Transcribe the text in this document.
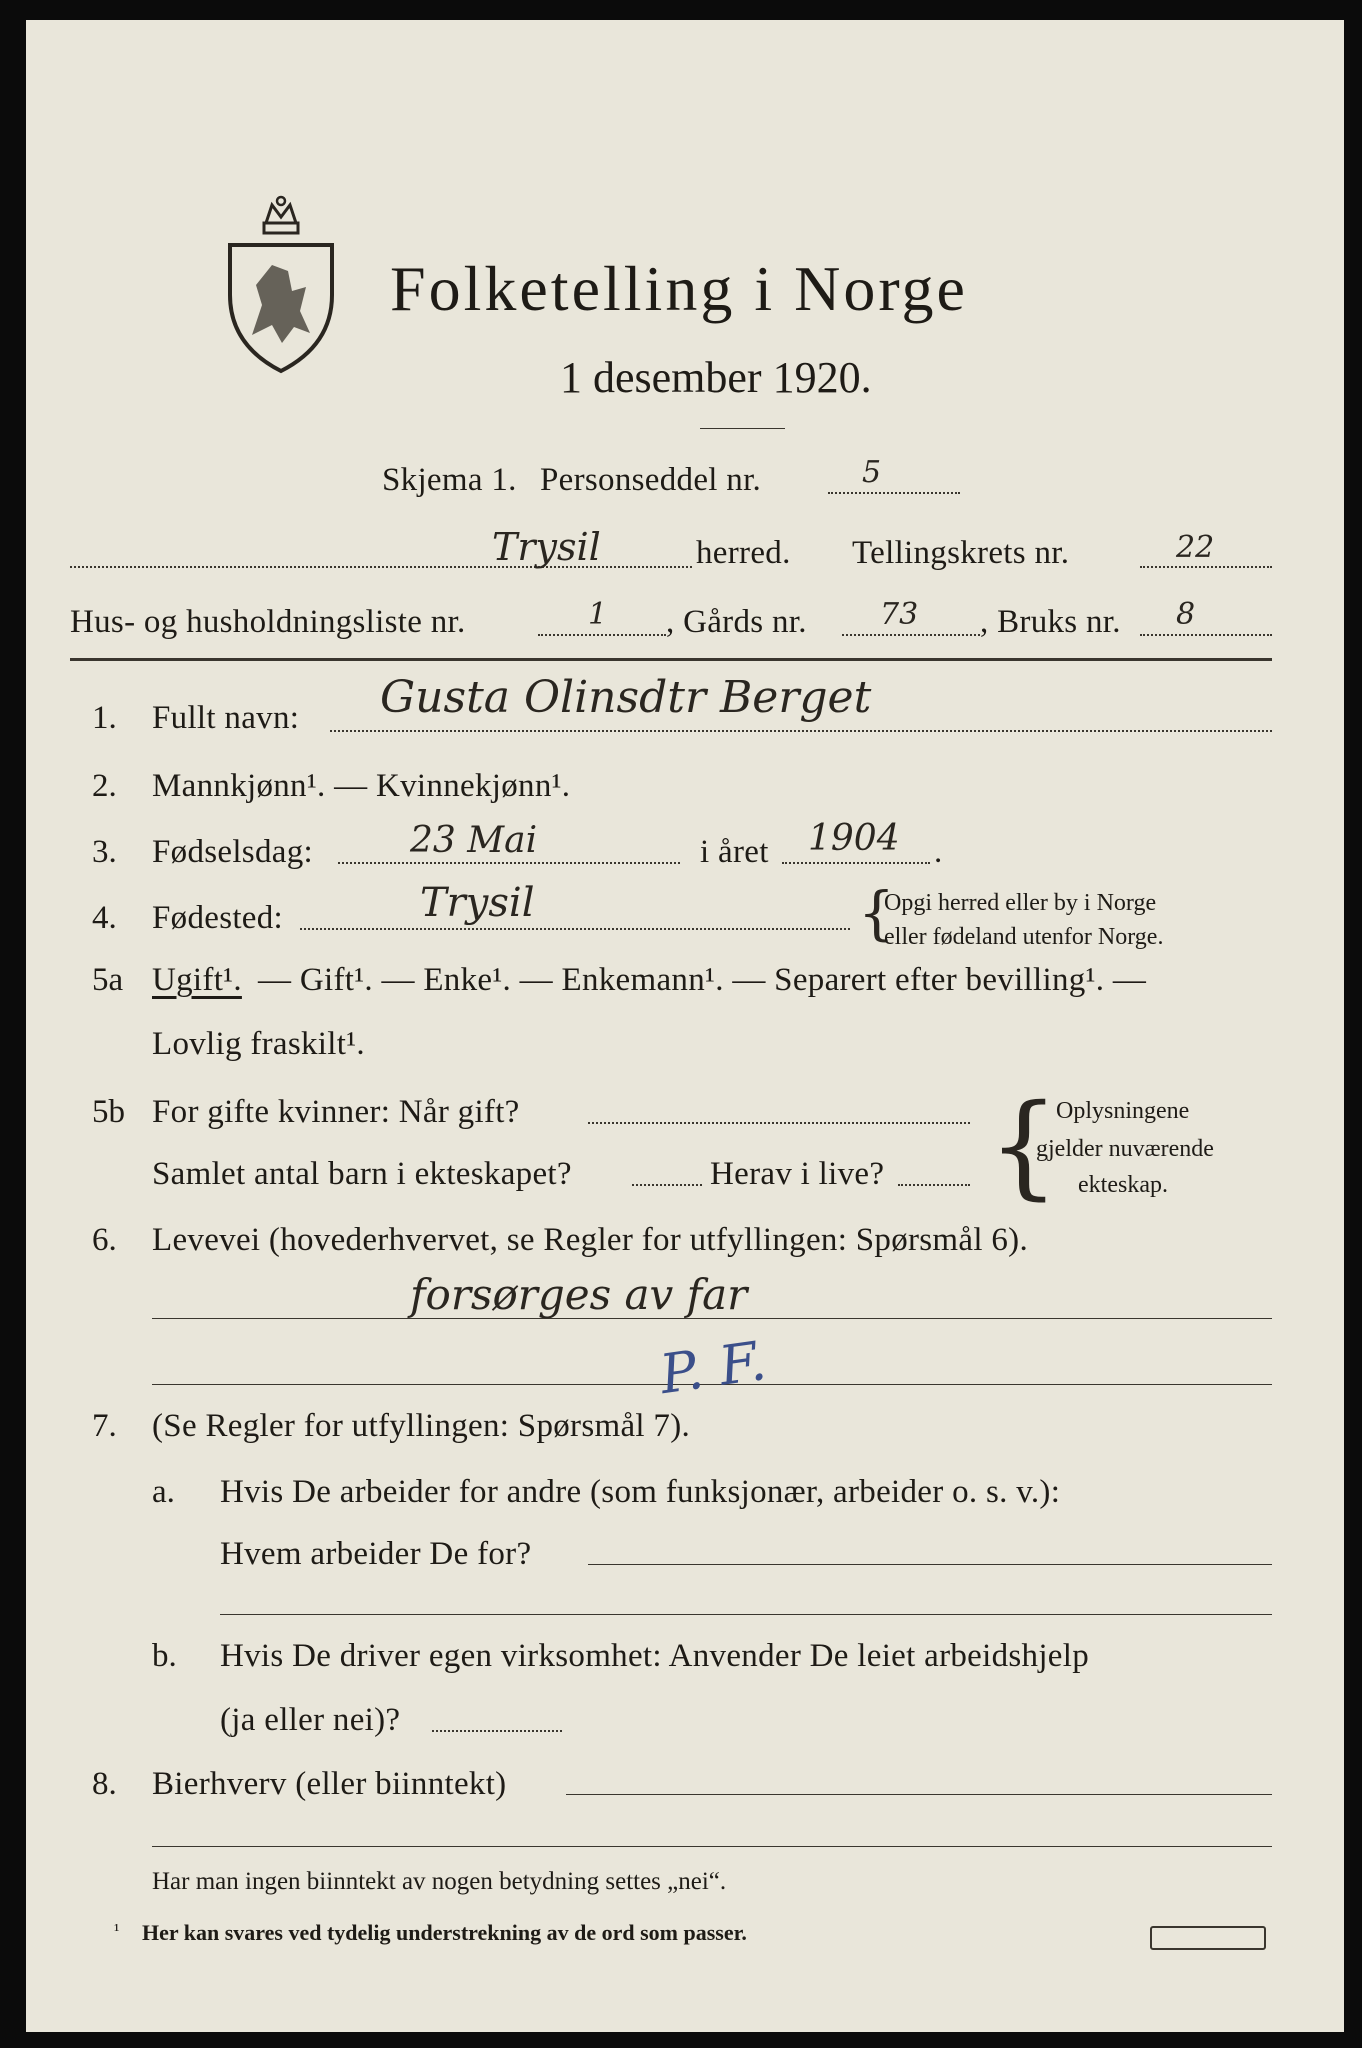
Folketelling i Norge
1 desember 1920.
Skjema 1. Personseddel nr.	5
Trysil	herred. Tellingskrets nr.	22
Hus- og husholdningsliste nr.	1 , Gårds nr. 73 , Bruks nr. 8
1. Fullt navn: Gusta Olinsdtr Berget
2. Mannkjønn¹. — Kvinnekjønn¹.
3. Fødselsdag:	23 Mai	i året 1904 .
4. Fødested:	Trysil	{
Opgi herred eller by i Norge
eller fødeland utenfor Norge.
5a Ugift¹. — Gift¹. — Enke¹. — Enkemann¹. — Separert efter bevilling¹. —
Lovlig fraskilt¹.
5b For gifte kvinner: Når gift?
Samlet antal barn i ekteskapet?	Herav i live? {
Oplysningene
gjelder nuværende
ekteskap.
6. Levevei (hovederhvervet, se Regler for utfyllingen: Spørsmål 6).
forsørges av far
P. F.
7. (Se Regler for utfyllingen: Spørsmål 7).
a. Hvis De arbeider for andre (som funksjonær, arbeider o. s. v.):
Hvem arbeider De for?
b. Hvis De driver egen virksomhet: Anvender De leiet arbeidshjelp
(ja eller nei)?
8. Bierhverv (eller biinntekt)
Har man ingen biinntekt av nogen betydning settes „nei“.
¹ Her kan svares ved tydelig understrekning av de ord som passer.
